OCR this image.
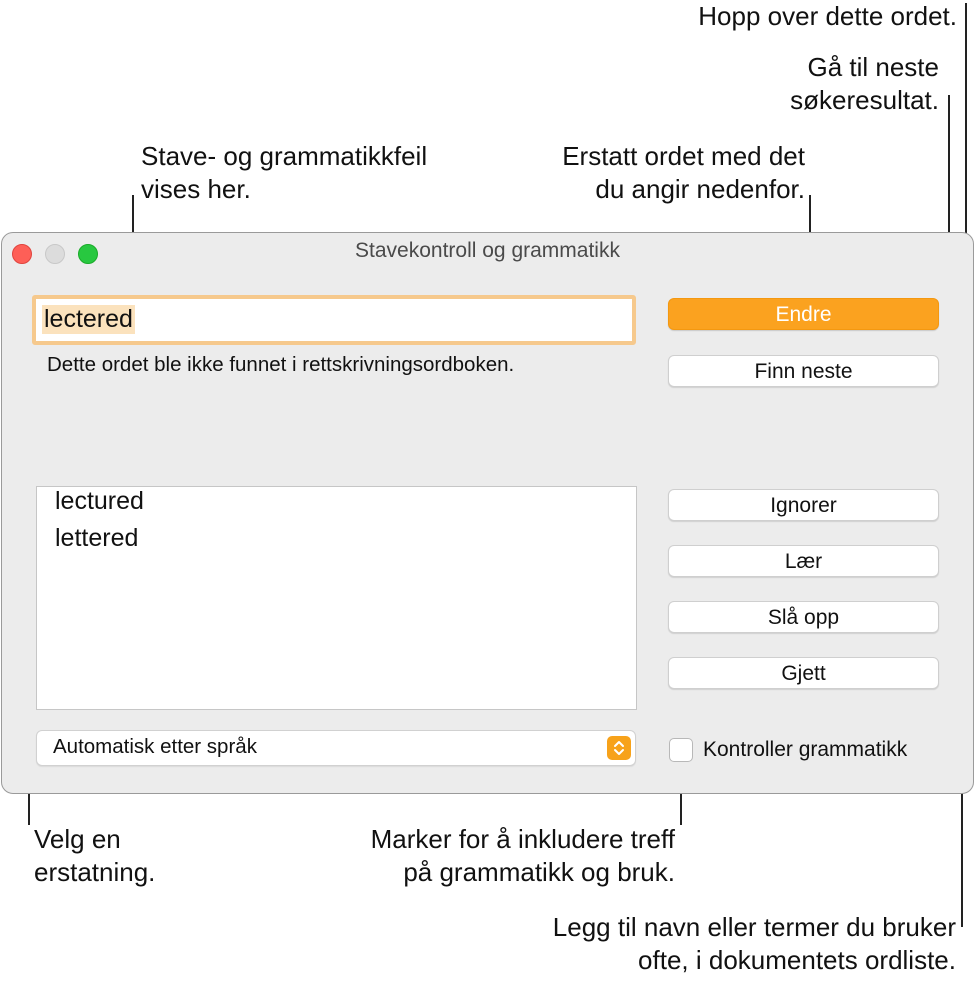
Hopp over dette ordet.
Gå til neste
søkeresultat.
Stave- og grammatikkfeil
vises her.
Erstatt ordet med det
du angir nedenfor.
Velg en
erstatning.
Marker for å inkludere treff
på grammatikk og bruk.
Legg til navn eller termer du bruker
ofte, i dokumentets ordliste.
Stavekontroll og grammatikk
lectered
Dette ordet ble ikke funnet i rettskrivningsordboken.
lectured
lettered
Automatisk etter språk
Endre
Finn neste
Ignorer
Lær
Slå opp
Gjett
Kontroller grammatikk
